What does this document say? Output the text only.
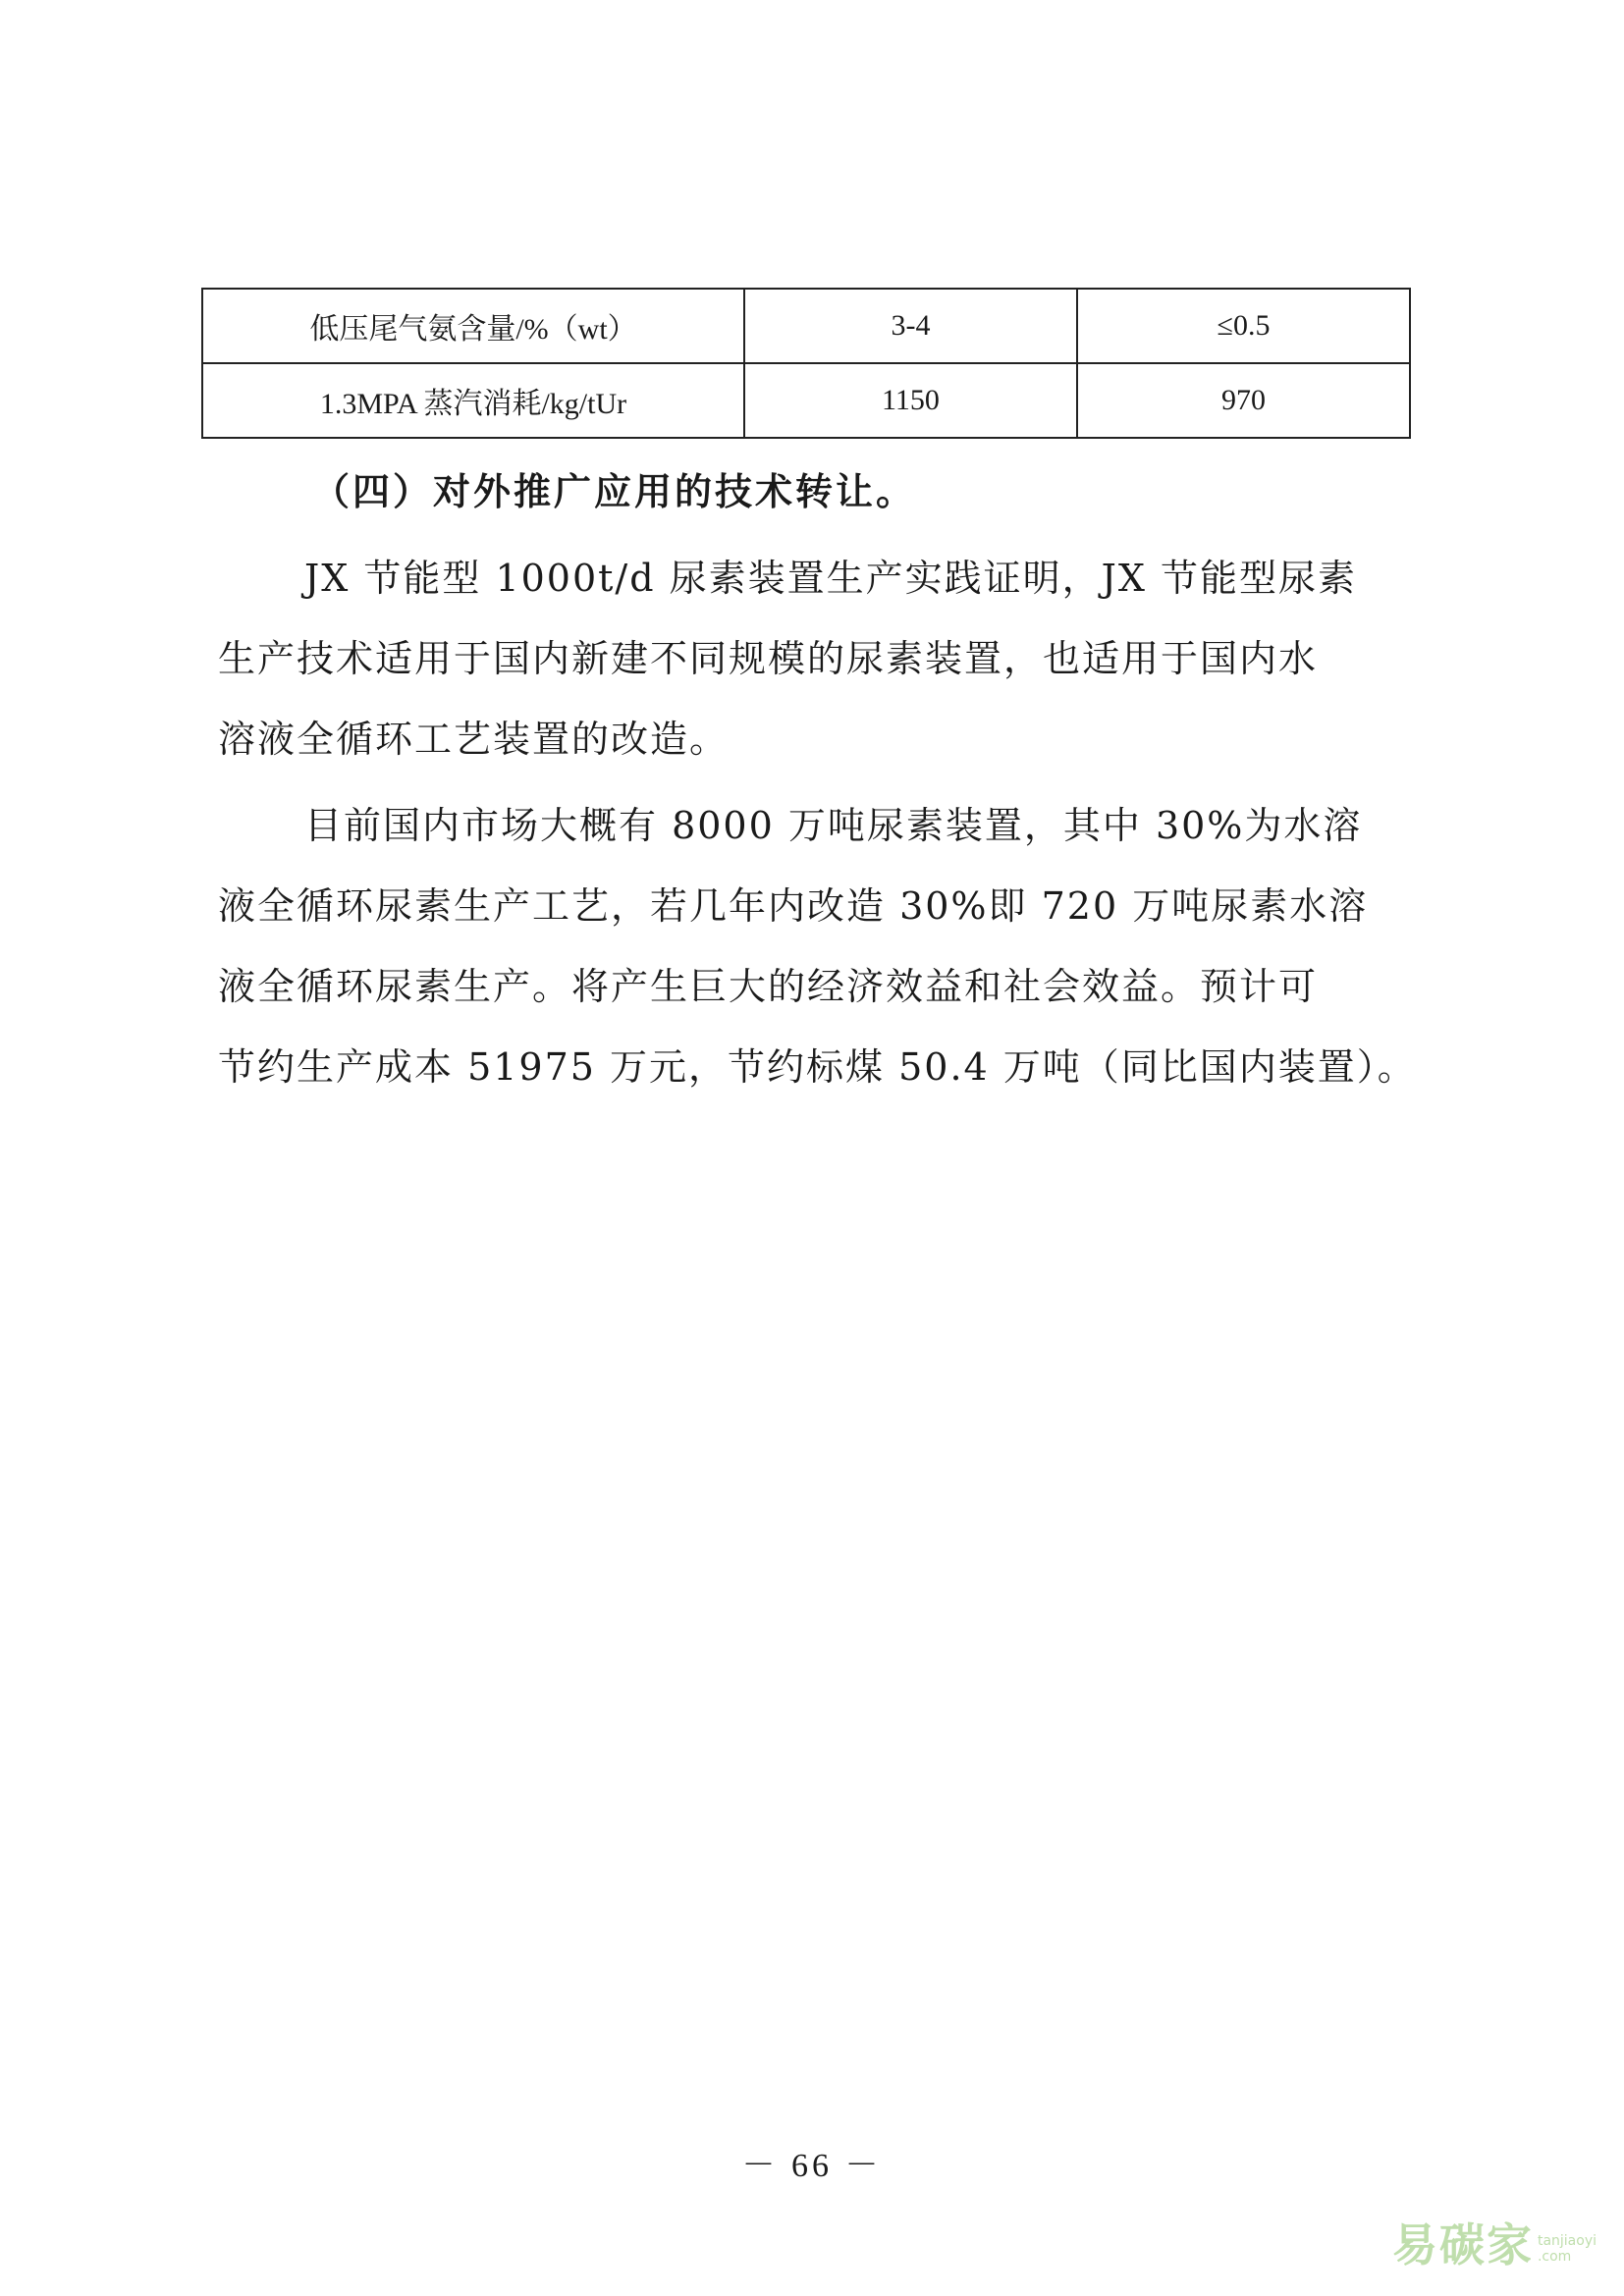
低压尾气氨含量/%（wt）	3-4	≤0.5
1.3MPA 蒸汽消耗/kg/tUr	1150	970
（四）对外推广应用的技术转让。

JX 节能型 1000t/d 尿素装置生产实践证明，JX 节能型尿素
生产技术适用于国内新建不同规模的尿素装置，也适用于国内水
溶液全循环工艺装置的改造。

目前国内市场大概有 8000 万吨尿素装置，其中 30%为水溶
液全循环尿素生产工艺，若几年内改造 30%即 720 万吨尿素水溶
液全循环尿素生产。将产生巨大的经济效益和社会效益。预计可
节约生产成本 51975 万元，节约标煤 50.4 万吨（同比国内装置）。

－ 66 －
易碳家 tanjiaoyi
.com
